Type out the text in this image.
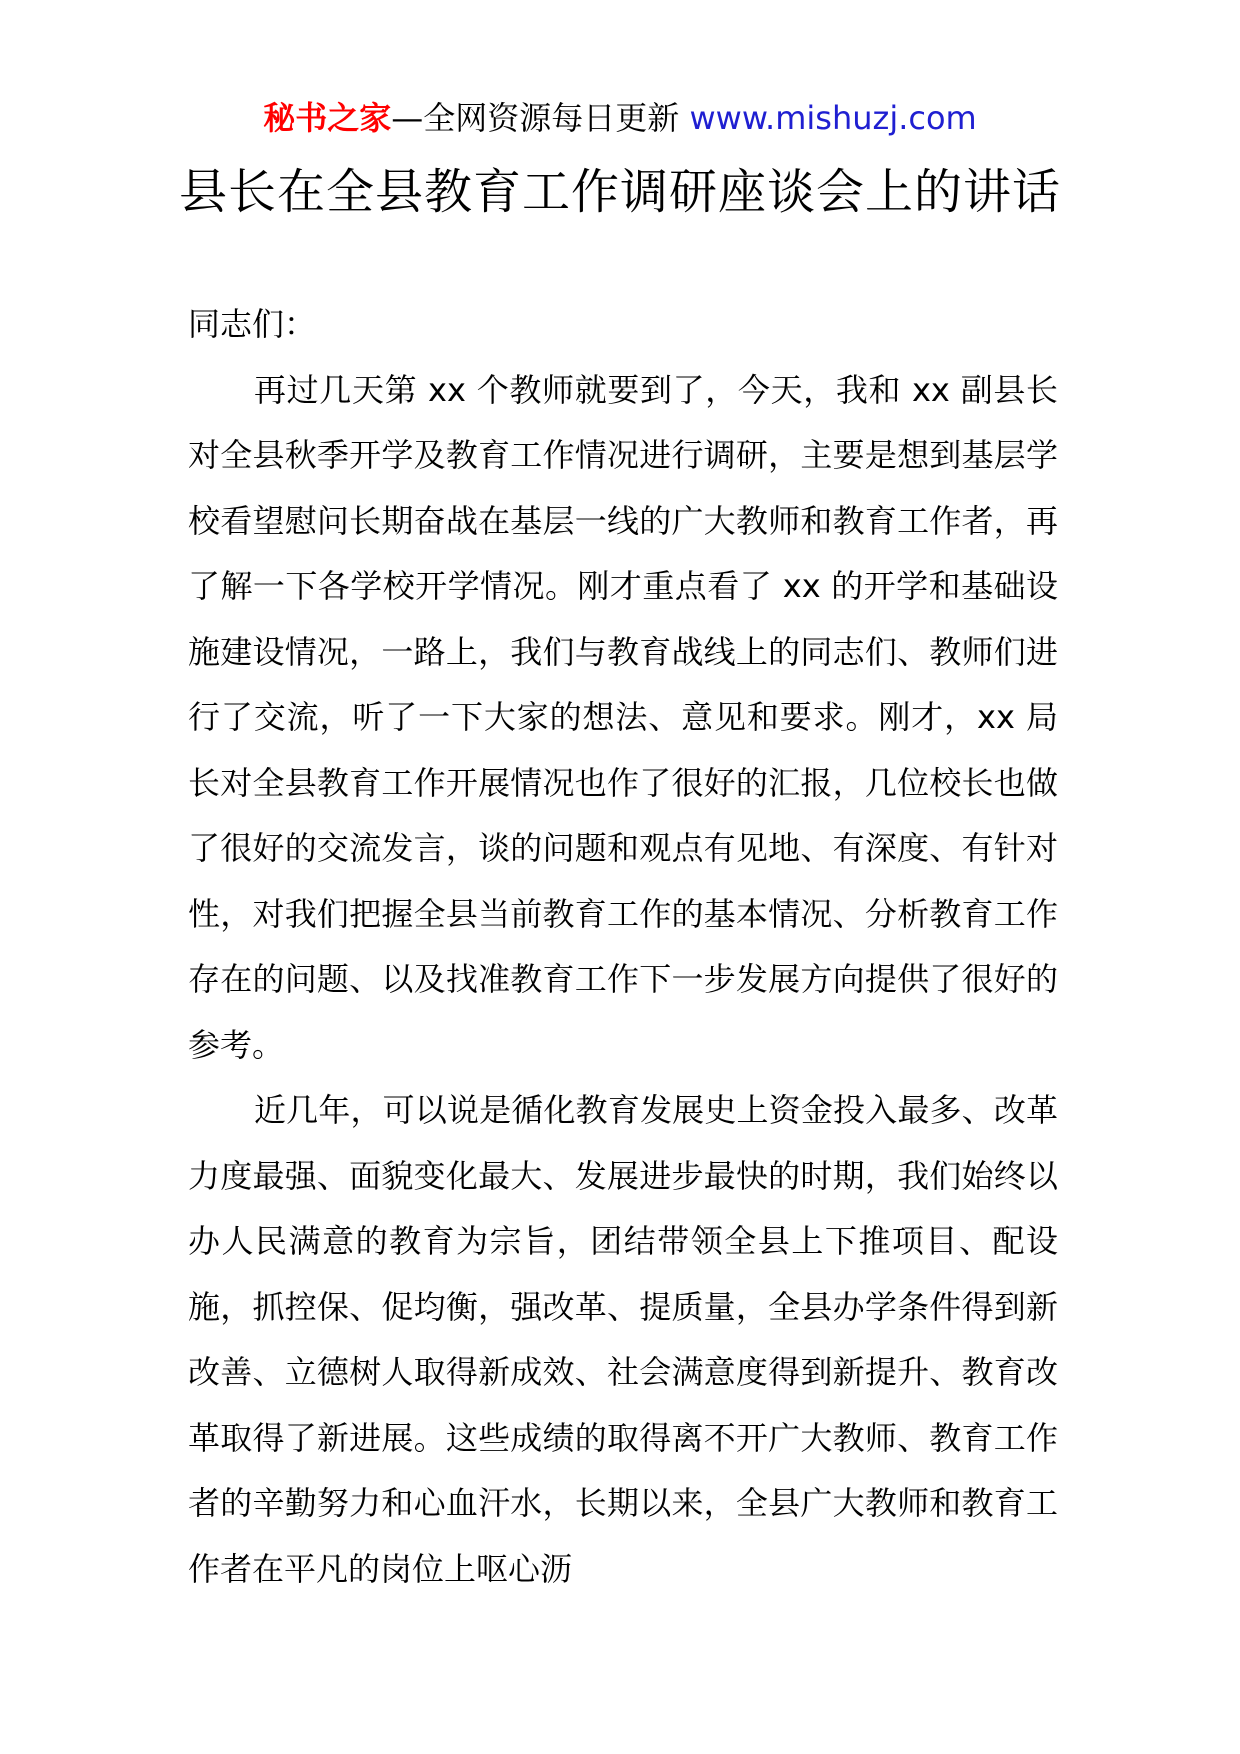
秘书之家—全网资源每日更新 www.mishuzj.com
县长在全县教育工作调研座谈会上的讲话

同志们：

再过几天第 xx 个教师就要到了，今天，我和 xx 副县长对全县秋季开学及教育工作情况进行调研，主要是想到基层学校看望慰问长期奋战在基层一线的广大教师和教育工作者，再了解一下各学校开学情况。刚才重点看了 xx 的开学和基础设施建设情况，一路上，我们与教育战线上的同志们、教师们进行了交流，听了一下大家的想法、意见和要求。刚才，xx 局长对全县教育工作开展情况也作了很好的汇报，几位校长也做了很好的交流发言，谈的问题和观点有见地、有深度、有针对性，对我们把握全县当前教育工作的基本情况、分析教育工作存在的问题、以及找准教育工作下一步发展方向提供了很好的参考。

近几年，可以说是循化教育发展史上资金投入最多、改革力度最强、面貌变化最大、发展进步最快的时期，我们始终以办人民满意的教育为宗旨，团结带领全县上下推项目、配设施，抓控保、促均衡，强改革、提质量，全县办学条件得到新改善、立德树人取得新成效、社会满意度得到新提升、教育改革取得了新进展。这些成绩的取得离不开广大教师、教育工作者的辛勤努力和心血汗水，长期以来，全县广大教师和教育工作者在平凡的岗位上呕心沥
